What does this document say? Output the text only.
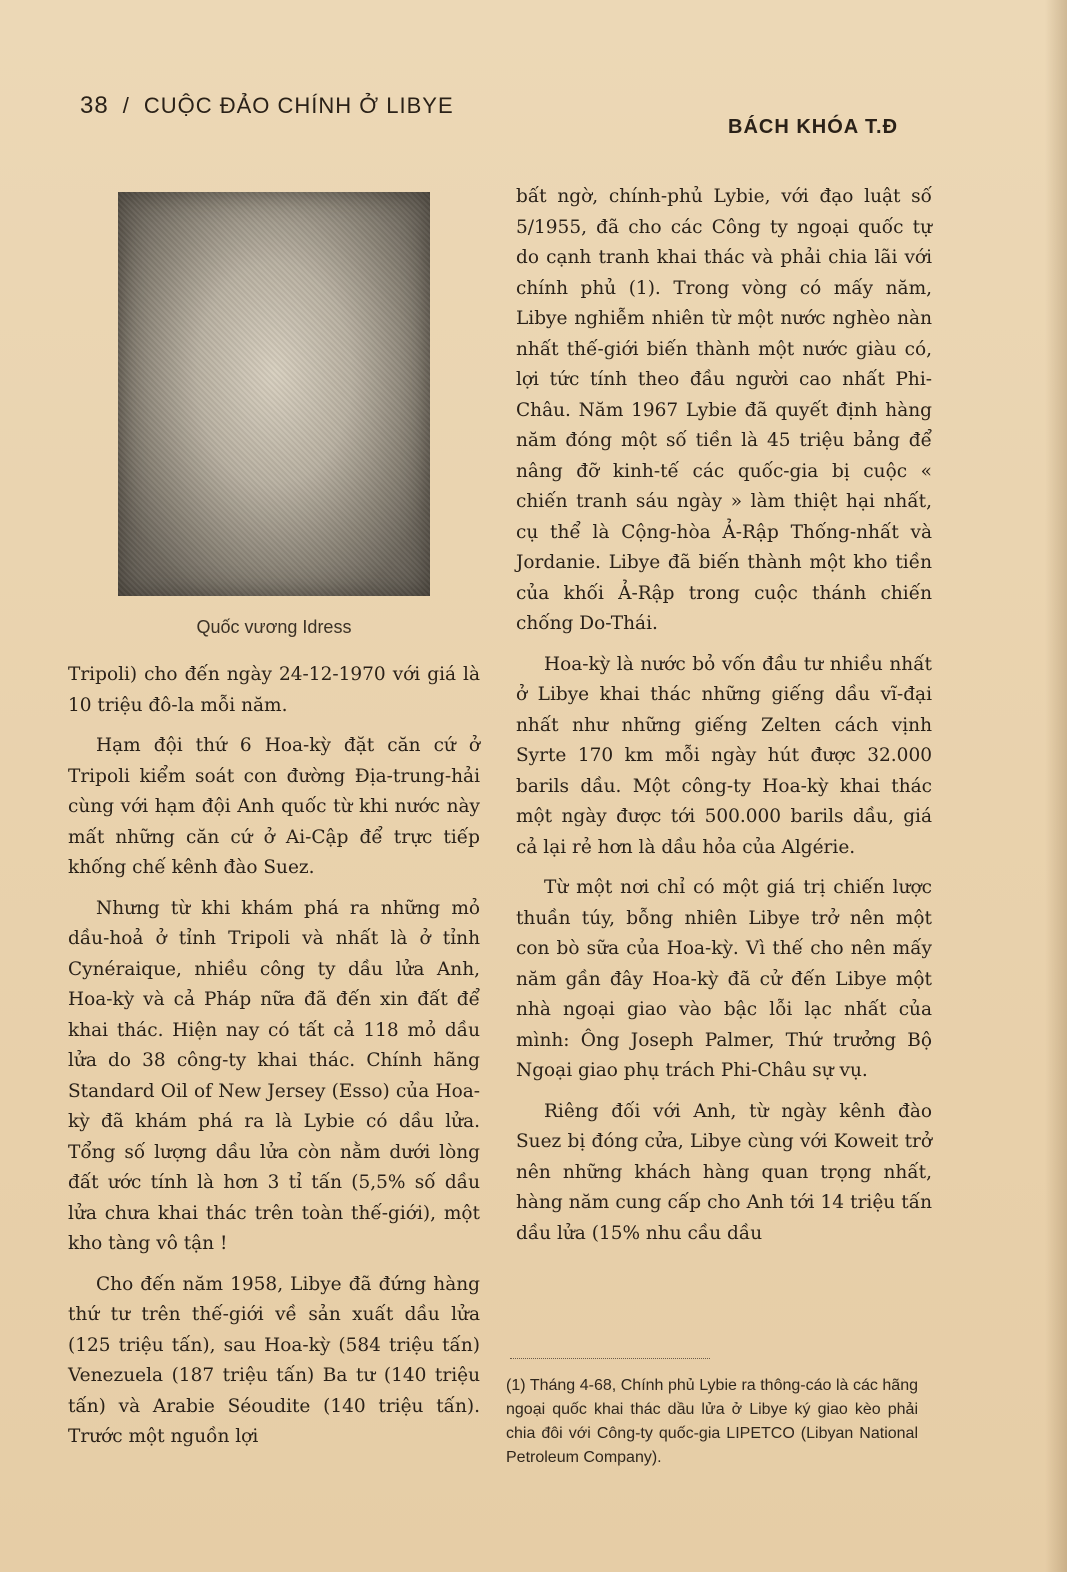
38 / CUỘC ĐẢO CHÍNH Ở LIBYE
BÁCH KHÓA T.Đ
Quốc vương Idress

Tripoli) cho đến ngày 24-12-1970 với giá là 10 triệu đô-la mỗi năm.

Hạm đội thứ 6 Hoa-kỳ đặt căn cứ ở Tripoli kiểm soát con đường Địa-trung-hải cùng với hạm đội Anh quốc từ khi nước này mất những căn cứ ở Ai-Cập để trực tiếp khống chế kênh đào Suez.

Nhưng từ khi khám phá ra những mỏ dầu-hoả ở tỉnh Tripoli và nhất là ở tỉnh Cynéraique, nhiều công ty dầu lửa Anh, Hoa-kỳ và cả Pháp nữa đã đến xin đất để khai thác. Hiện nay có tất cả 118 mỏ dầu lửa do 38 công-ty khai thác. Chính hãng Standard Oil of New Jersey (Esso) của Hoa-kỳ đã khám phá ra là Lybie có dầu lửa. Tổng số lượng dầu lửa còn nằm dưới lòng đất ước tính là hơn 3 tỉ tấn (5,5% số dầu lửa chưa khai thác trên toàn thế-giới), một kho tàng vô tận !

Cho đến năm 1958, Libye đã đứng hàng thứ tư trên thế-giới về sản xuất dầu lửa (125 triệu tấn), sau Hoa-kỳ (584 triệu tấn) Venezuela (187 triệu tấn) Ba tư (140 triệu tấn) và Arabie Séoudite (140 triệu tấn). Trước một nguồn lợi

bất ngờ, chính-phủ Lybie, với đạo luật số 5/1955, đã cho các Công ty ngoại quốc tự do cạnh tranh khai thác và phải chia lãi với chính phủ (1). Trong vòng có mấy năm, Libye nghiễm nhiên từ một nước nghèo nàn nhất thế-giới biến thành một nước giàu có, lợi tức tính theo đầu người cao nhất Phi-Châu. Năm 1967 Lybie đã quyết định hàng năm đóng một số tiền là 45 triệu bảng để nâng đỡ kinh-tế các quốc-gia bị cuộc « chiến tranh sáu ngày » làm thiệt hại nhất, cụ thể là Cộng-hòa Ả-Rập Thống-nhất và Jordanie. Libye đã biến thành một kho tiền của khối Ả-Rập trong cuộc thánh chiến chống Do-Thái.

Hoa-kỳ là nước bỏ vốn đầu tư nhiều nhất ở Libye khai thác những giếng dầu vĩ-đại nhất như những giếng Zelten cách vịnh Syrte 170 km mỗi ngày hút được 32.000 barils dầu. Một công-ty Hoa-kỳ khai thác một ngày được tới 500.000 barils dầu, giá cả lại rẻ hơn là dầu hỏa của Algérie.

Từ một nơi chỉ có một giá trị chiến lược thuần túy, bỗng nhiên Libye trở nên một con bò sữa của Hoa-kỳ. Vì thế cho nên mấy năm gần đây Hoa-kỳ đã cử đến Libye một nhà ngoại giao vào bậc lỗi lạc nhất của mình: Ông Joseph Palmer, Thứ trưởng Bộ Ngoại giao phụ trách Phi-Châu sự vụ.

Riêng đối với Anh, từ ngày kênh đào Suez bị đóng cửa, Libye cùng với Koweit trở nên những khách hàng quan trọng nhất, hàng năm cung cấp cho Anh tới 14 triệu tấn dầu lửa (15% nhu cầu dầu

(1) Tháng 4-68, Chính phủ Lybie ra thông-cáo là các hãng ngoại quốc khai thác dầu lửa ở Libye ký giao kèo phải chia đôi với Công-ty quốc-gia LIPETCO (Libyan National Petroleum Company).
